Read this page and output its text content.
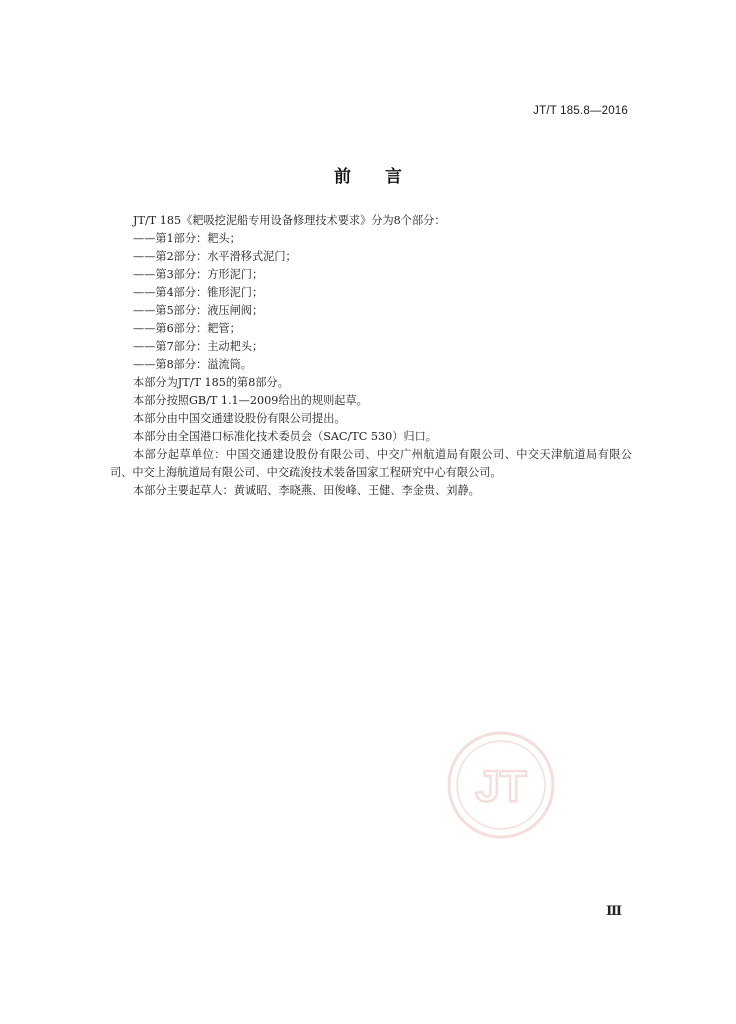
JT/T 185.8—2016
前言

JT/T 185《耙吸挖泥船专用设备修理技术要求》分为8个部分：

——第1部分：耙头；

——第2部分：水平滑移式泥门；

——第3部分：方形泥门；

——第4部分：锥形泥门；

——第5部分：液压闸阀；

——第6部分：耙管；

——第7部分：主动耙头；

——第8部分：溢流筒。

本部分为JT/T 185的第8部分。

本部分按照GB/T 1.1—2009给出的规则起草。

本部分由中国交通建设股份有限公司提出。

本部分由全国港口标准化技术委员会（SAC/TC 530）归口。

本部分起草单位：中国交通建设股份有限公司、中交广州航道局有限公司、中交天津航道局有限公司、中交上海航道局有限公司、中交疏浚技术装备国家工程研究中心有限公司。

本部分主要起草人：黄诚昭、李晓燕、田俊峰、王健、李金贵、刘静。

JT
Ⅲ
